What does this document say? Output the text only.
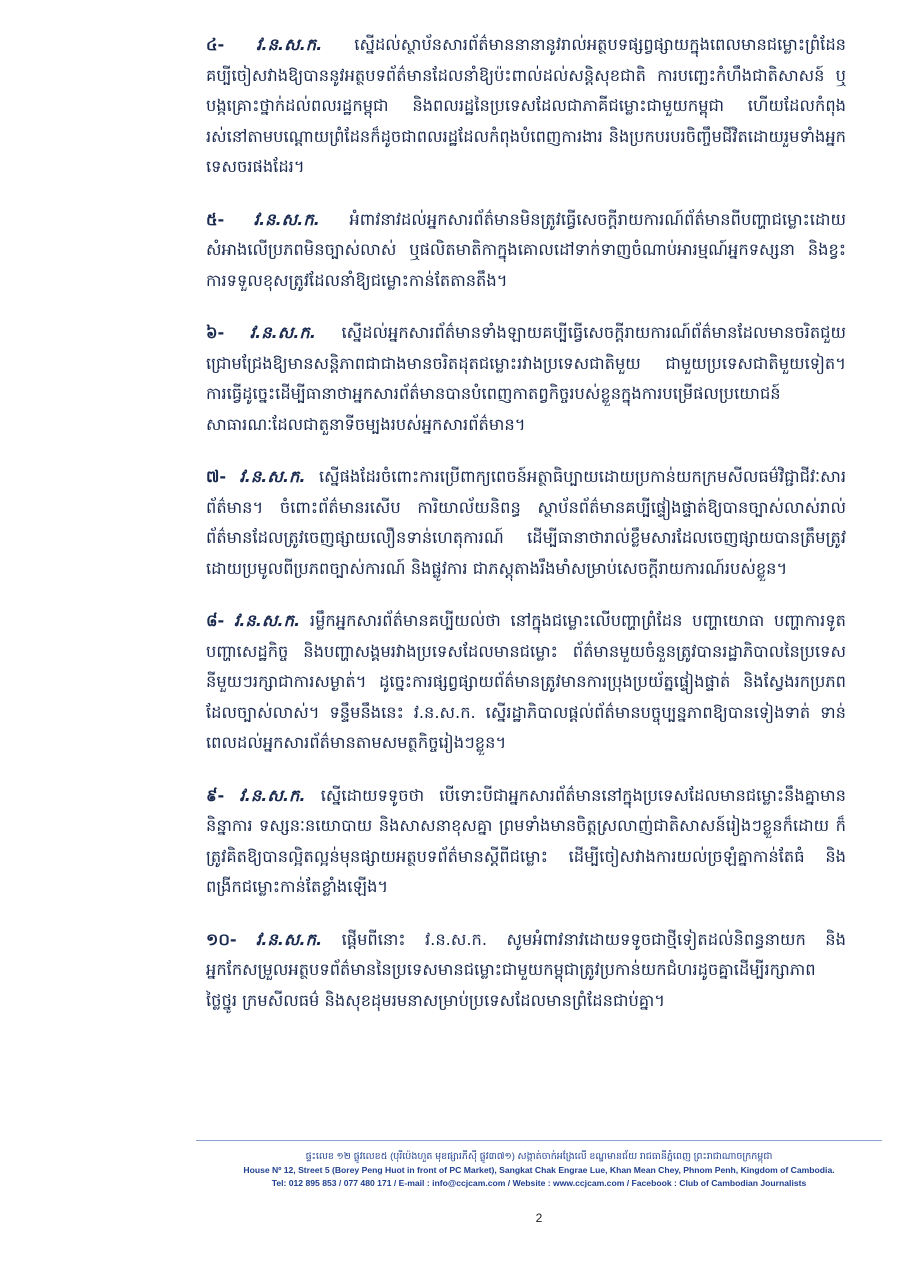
៤- វ.ន.ស.ក. ស្នើដល់ស្ថាប័នសារព័ត៌មាននានានូវរាល់អត្ថបទផ្សព្វផ្សាយក្នុងពេលមានជម្លោះព្រំដែនគប្បីចៀសវាងឱ្យបាននូវអត្ថបទព័ត៌មានដែលនាំឱ្យប៉ះពាល់ដល់សន្តិសុខជាតិ ការបញ្ឆេះកំហឹងជាតិសាសន៍ ឬបង្កគ្រោះថ្នាក់ដល់ពលរដ្ឋកម្ពុជា និងពលរដ្ឋនៃប្រទេសដែលជាភាគីជម្លោះជាមួយកម្ពុជា ហើយដែលកំពុងរស់នៅតាមបណ្ដោយព្រំដែនក៏ដូចជាពលរដ្ឋដែលកំពុងបំពេញការងារ និងប្រកបរបរចិញ្ចឹមជីវិតដោយរួមទាំងអ្នកទេសចរផងដែរ។

៥- វ.ន.ស.ក. អំពាវនាវដល់អ្នកសារព័ត៌មានមិនត្រូវធ្វើសេចក្ដីរាយការណ៍ព័ត៌មានពីបញ្ហាជម្លោះដោយសំអាងលើប្រភពមិនច្បាស់លាស់ ឬផលិតមាតិកាក្នុងគោលដៅទាក់ទាញចំណាប់អារម្មណ៍អ្នកទស្សនា និងខ្វះការទទួលខុសត្រូវដែលនាំឱ្យជម្លោះកាន់តែតានតឹង។

៦- វ.ន.ស.ក. ស្នើដល់អ្នកសារព័ត៌មានទាំងឡាយគប្បីធ្វើសេចក្ដីរាយការណ៍ព័ត៌មានដែលមានចរិតជួយជ្រោមជ្រែងឱ្យមានសន្តិភាពជាជាងមានចរិតដុតជម្លោះរវាងប្រទេសជាតិមួយ ជាមួយប្រទេសជាតិមួយទៀត។ ការធ្វើដូច្នេះដើម្បីធានាថាអ្នកសារព័ត៌មានបានបំពេញកាតព្វកិច្ចរបស់ខ្លួនក្នុងការបម្រើផលប្រយោជន៍សាធារណៈដែលជាតួនាទីចម្បងរបស់អ្នកសារព័ត៌មាន។

៧- វ.ន.ស.ក. ស្នើផងដែរចំពោះការប្រើពាក្យពេចន៍អត្ថាធិប្បាយដោយប្រកាន់យកក្រមសីលធម៌វិជ្ជាជីវៈសារព័ត៌មាន។ ចំពោះព័ត៌មានរសើប ការិយាល័យនិពន្ធ ស្ថាប័នព័ត៌មានគប្បីផ្ទៀងផ្ទាត់ឱ្យបានច្បាស់លាស់រាល់ព័ត៌មានដែលត្រូវចេញផ្សាយលឿនទាន់ហេតុការណ៍ ដើម្បីធានាថារាល់ខ្លឹមសារដែលចេញផ្សាយបានត្រឹមត្រូវដោយប្រមូលពីប្រភពច្បាស់ការណ៍ និងផ្លូវការ ជាភស្តុតាងរឹងមាំសម្រាប់សេចក្ដីរាយការណ៍របស់ខ្លួន។

៨- វ.ន.ស.ក. រម្លឹកអ្នកសារព័ត៌មានគប្បីយល់ថា នៅក្នុងជម្លោះលើបញ្ហាព្រំដែន បញ្ហាយោធា បញ្ហាការទូត បញ្ហាសេដ្ឋកិច្ច និងបញ្ហាសង្គមរវាងប្រទេសដែលមានជម្លោះ ព័ត៌មានមួយចំនួនត្រូវបានរដ្ឋាភិបាលនៃប្រទេសនីមួយៗរក្សាជាការសម្ងាត់។ ដូច្នេះការផ្សព្វផ្សាយព័ត៌មានត្រូវមានការប្រុងប្រយ័ត្នផ្ទៀងផ្ទាត់ និងស្វែងរកប្រភពដែលច្បាស់លាស់។ ទន្ទឹមនឹងនេះ វ.ន.ស.ក. ស្នើរដ្ឋាភិបាលផ្ដល់ព័ត៌មានបច្ចុប្បន្នភាពឱ្យបានទៀងទាត់ ទាន់ពេលដល់អ្នកសារព័ត៌មានតាមសមត្ថកិច្ចរៀងៗខ្លួន។

៩- វ.ន.ស.ក. ស្នើដោយទទូចថា បើទោះបីជាអ្នកសារព័ត៌មាននៅក្នុងប្រទេសដែលមានជម្លោះនឹងគ្នាមាននិន្នាការ ទស្សនៈនយោបាយ និងសាសនាខុសគ្នា ព្រមទាំងមានចិត្តស្រលាញ់ជាតិសាសន៍រៀងៗខ្លួនក៏ដោយ ក៏ត្រូវគិតឱ្យបានល្អិតល្អន់មុនផ្សាយអត្ថបទព័ត៌មានស្ដីពីជម្លោះ ដើម្បីចៀសវាងការយល់ច្រឡំគ្នាកាន់តែធំ និងពង្រីកជម្លោះកាន់តែខ្លាំងឡើង។

១០- វ.ន.ស.ក. ផ្ដើមពីនោះ វ.ន.ស.ក. សូមអំពាវនាវដោយទទូចជាថ្មីទៀតដល់និពន្ធនាយក និងអ្នកកែសម្រួលអត្ថបទព័ត៌មាននៃប្រទេសមានជម្លោះជាមួយកម្ពុជាត្រូវប្រកាន់យកជំហរដូចគ្នាដើម្បីរក្សាភាពថ្លៃថ្នូរ ក្រមសីលធម៌ និងសុខដុមរមនាសម្រាប់ប្រទេសដែលមានព្រំដែនជាប់គ្នា។

ផ្ទះលេខ ១២ ផ្លូវលេខ៥ (បុរីប៉េងហួត មុខផ្សារភីស៊ី ផ្លូវ៣៧១) សង្កាត់ចាក់អង្រែលើ ខណ្ឌមានជ័យ រាជធានីភ្នំពេញ ព្រះរាជាណាចក្រកម្ពុជា
House Nº 12, Street 5 (Borey Peng Huot in front of PC Market), Sangkat Chak Engrae Lue, Khan Mean Chey, Phnom Penh, Kingdom of Cambodia.
Tel: 012 895 853 / 077 480 171 / E-mail : info@ccjcam.com / Website : www.ccjcam.com / Facebook : Club of Cambodian Journalists
2
